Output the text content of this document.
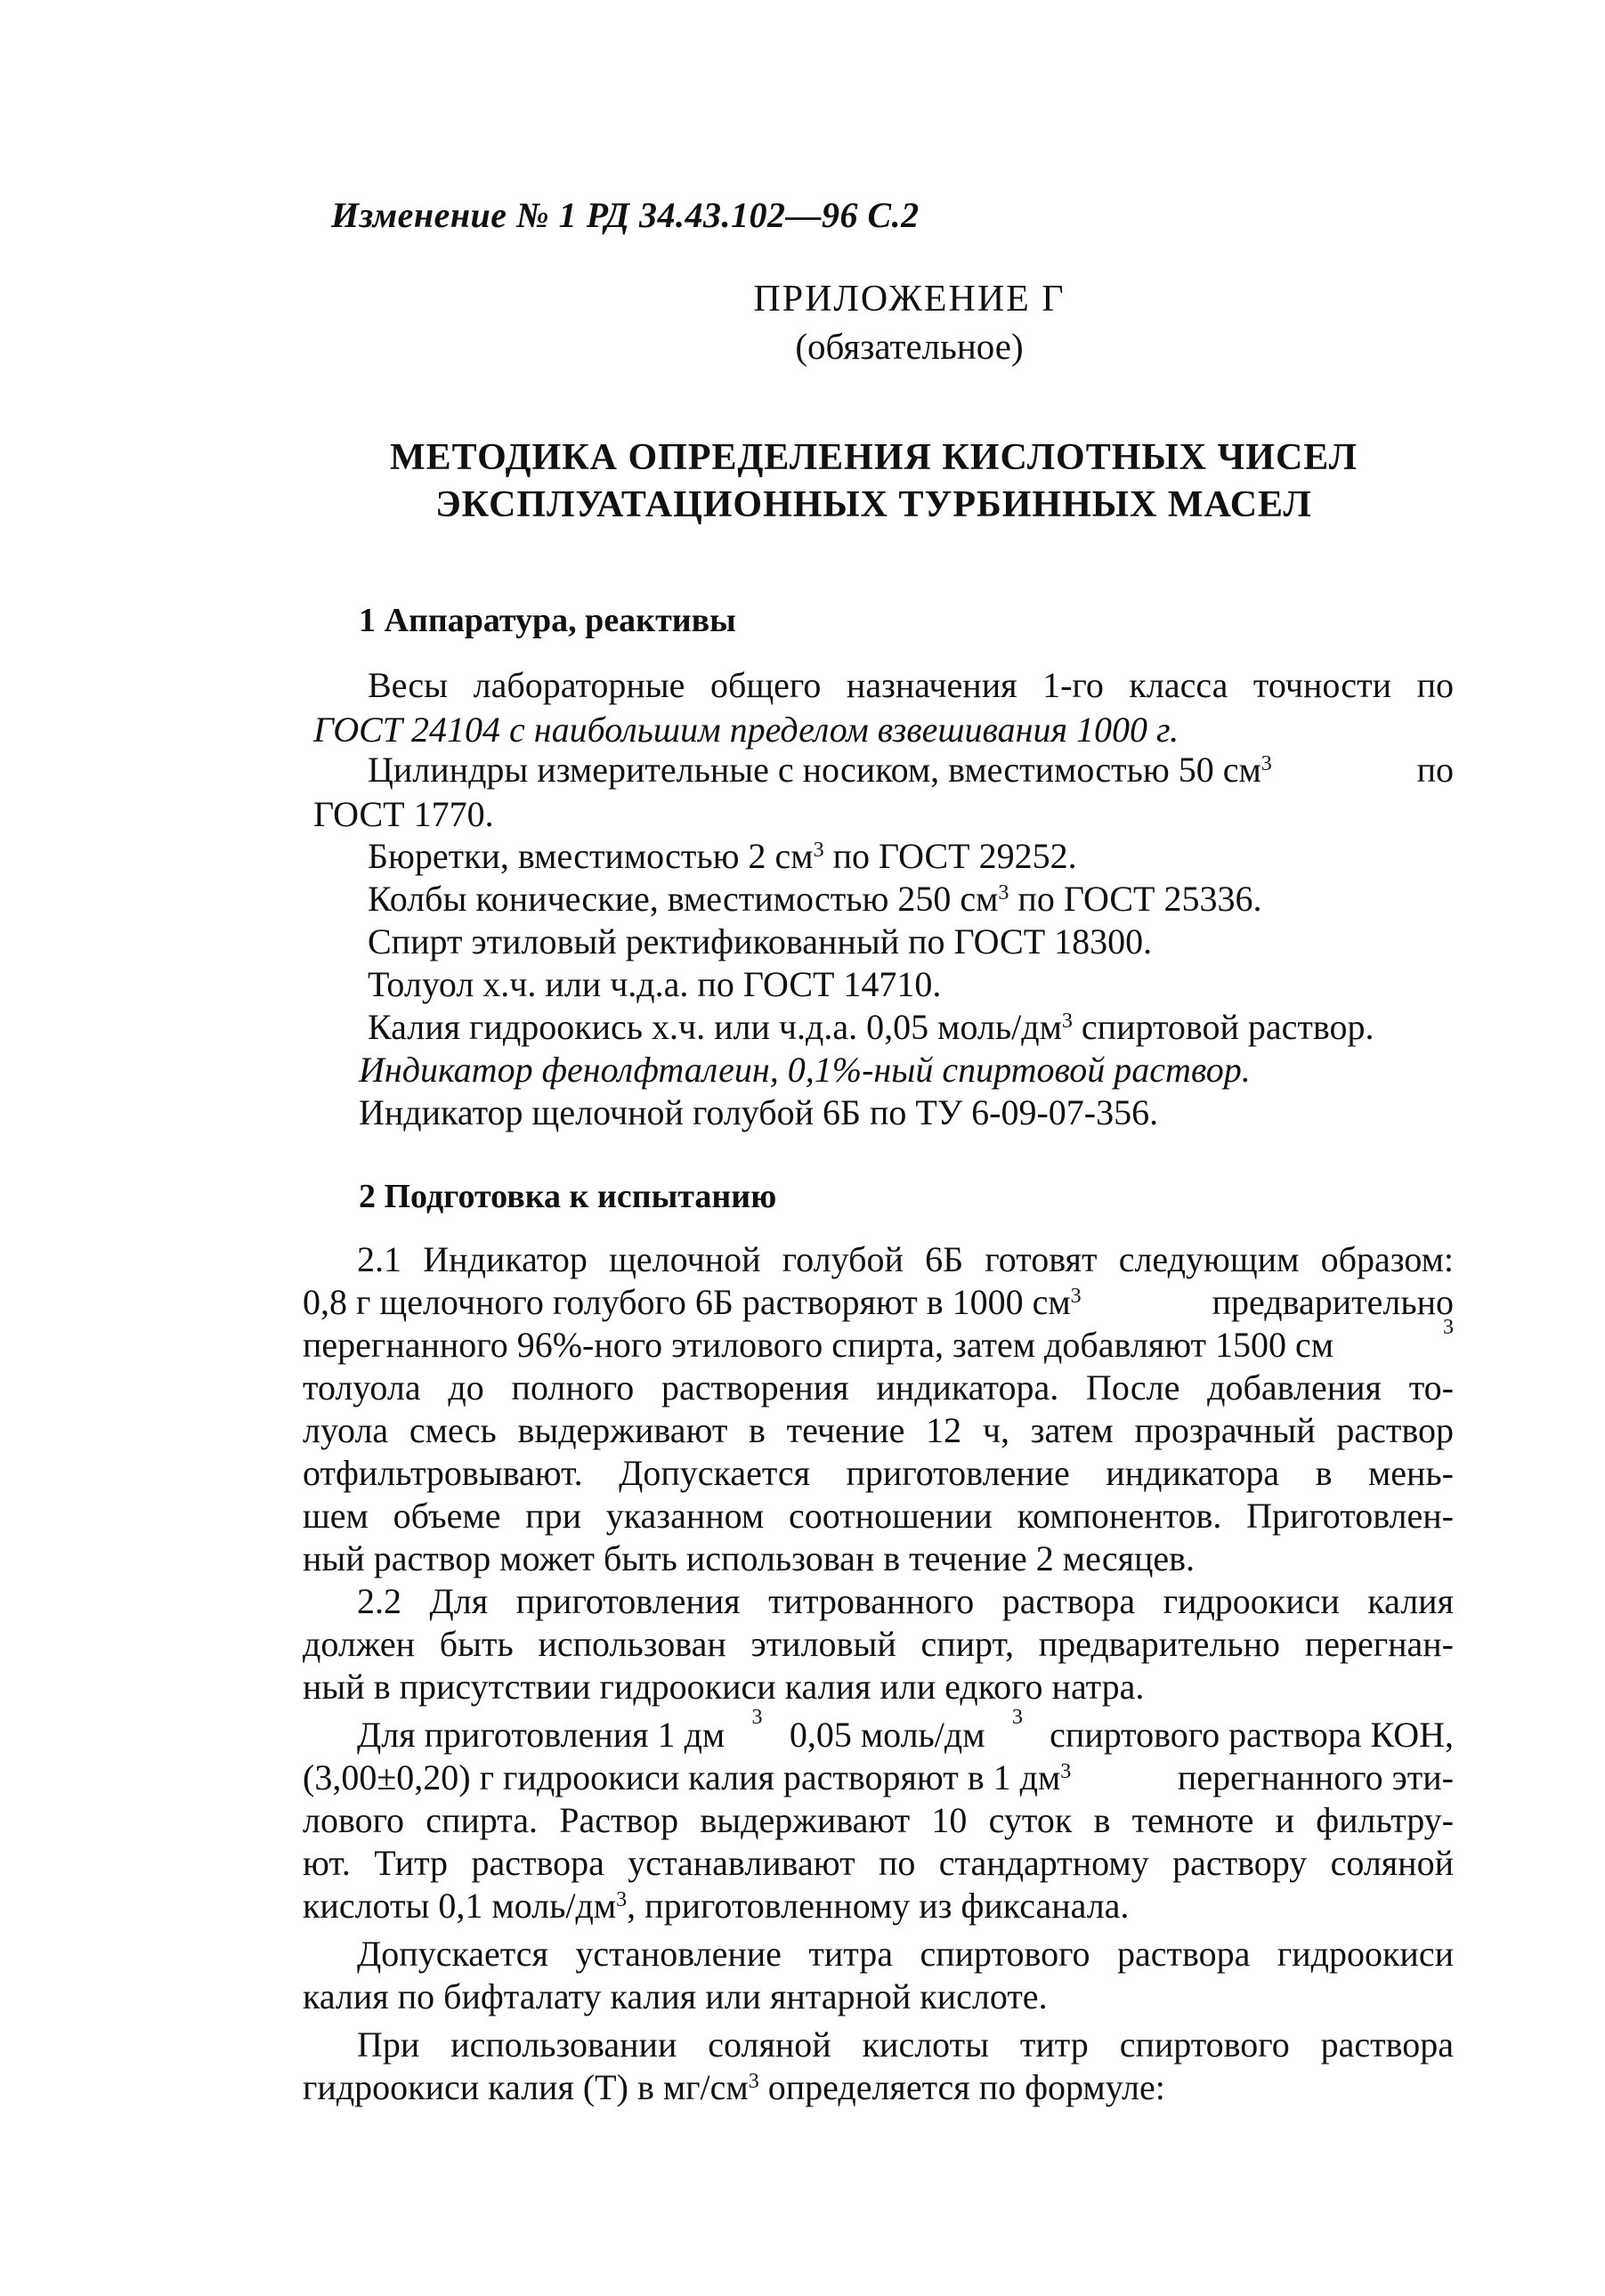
Изменение № 1 РД 34.43.102—96 С.2
ПРИЛОЖЕНИЕ Г
(обязательное)
МЕТОДИКА ОПРЕДЕЛЕНИЯ КИСЛОТНЫХ ЧИСЕЛ
ЭКСПЛУАТАЦИОННЫХ ТУРБИННЫХ МАСЕЛ
1 Аппаратура, реактивы
Весы лабораторные общего назначения 1-го класса точности по
ГОСТ 24104 с наибольшим пределом взвешивания 1000 г.
Цилиндры измерительные с носиком, вместимостью 50 $см^3$	по
ГОСТ 1770.
Бюретки, вместимостью 2 $см^3$ по ГОСТ 29252.
Колбы конические, вместимостью 250 $см^3$ по ГОСТ 25336.
Спирт этиловый ректификованный по ГОСТ 18300.
Толуол х.ч. или ч.д.а. по ГОСТ 14710.
Калия гидроокись х.ч. или ч.д.а. 0,05 моль/$дм^3$ спиртовой раствор.
Индикатор фенолфталеин, 0,1%-ный спиртовой раствор.
Индикатор щелочной голубой 6Б по ТУ 6-09-07-356.
2 Подготовка к испытанию
2.1 Индикатор щелочной голубой 6Б готовят следующим образом:
0,8 г щелочного голубого 6Б растворяют в 1000 $см^3$	предварительно
перегнанного 96%-ного этилового спирта, затем добавляют 1500 см	3
толуола до полного растворения индикатора. После добавления то-
луола смесь выдерживают в течение 12 ч, затем прозрачный раствор
отфильтровывают. Допускается приготовление индикатора в мень-
шем объеме при указанном соотношении компонентов. Приготовлен-
ный раствор может быть использован в течение 2 месяцев.
2.2 Для приготовления титрованного раствора гидроокиси калия
должен быть использован этиловый спирт, предварительно перегнан-
ный в присутствии гидроокиси калия или едкого натра.
Для приготовления 1 дм 3 0,05 моль/дм 3 спиртового раствора КОН,
(3,00±0,20) г гидроокиси калия растворяют в 1 $дм^3$	перегнанного эти-
лового спирта. Раствор выдерживают 10 суток в темноте и фильтру-
ют. Титр раствора устанавливают по стандартному раствору соляной
кислоты 0,1 моль/$дм^3$, приготовленному из фиксанала.
Допускается установление титра спиртового раствора гидроокиси
калия по бифталату калия или янтарной кислоте.
При использовании соляной кислоты титр спиртового раствора
гидроокиси калия (Т) в $мг/см^3$ определяется по формуле:
